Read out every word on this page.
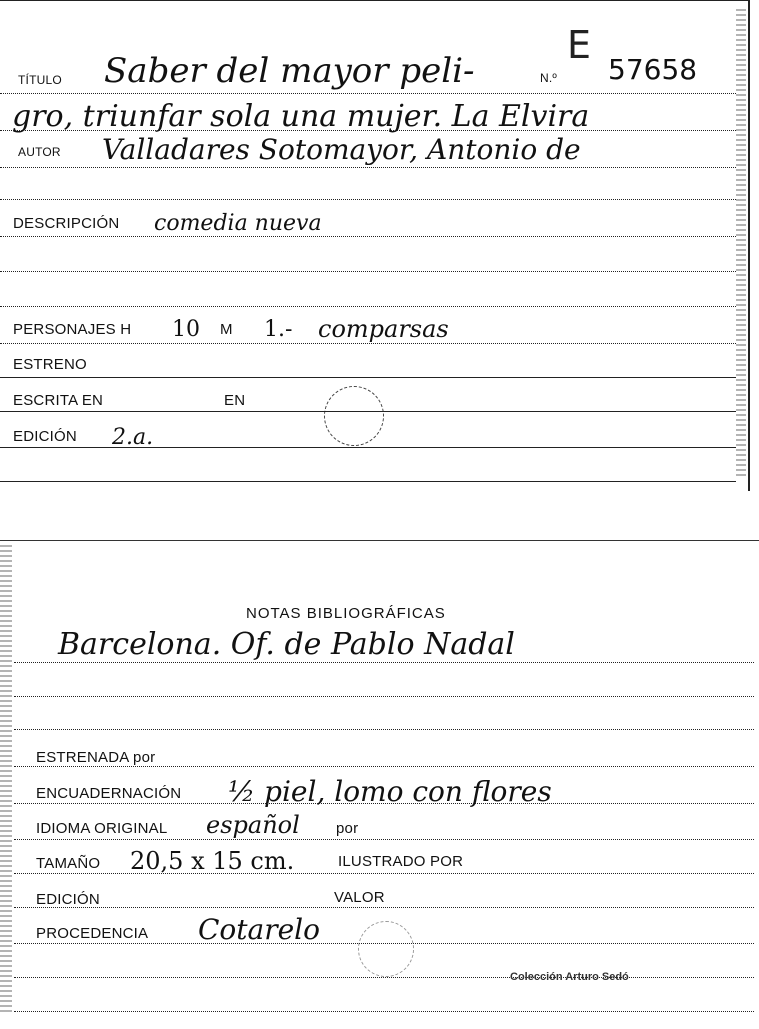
E
TÍTULO Saber del mayor peli-	N.º 57658
gro, triunfar sola una mujer. La Elvira
AUTOR Valladares Sotomayor, Antonio de
DESCRIPCIÓN comedia nueva
PERSONAJES H 10 M 1.- comparsas
ESTRENO
ESCRITA EN	EN
EDICIÓN 2.a.
NOTAS BIBLIOGRÁFICAS
Barcelona. Of. de Pablo Nadal
ESTRENADA por
ENCUADERNACIÓN ½ piel, lomo con flores
IDIOMA ORIGINAL español por
TAMAÑO 20,5 x 15 cm.	ILUSTRADO POR
EDICIÓN	VALOR
PROCEDENCIA Cotarelo
Colección Arturo Sedó
